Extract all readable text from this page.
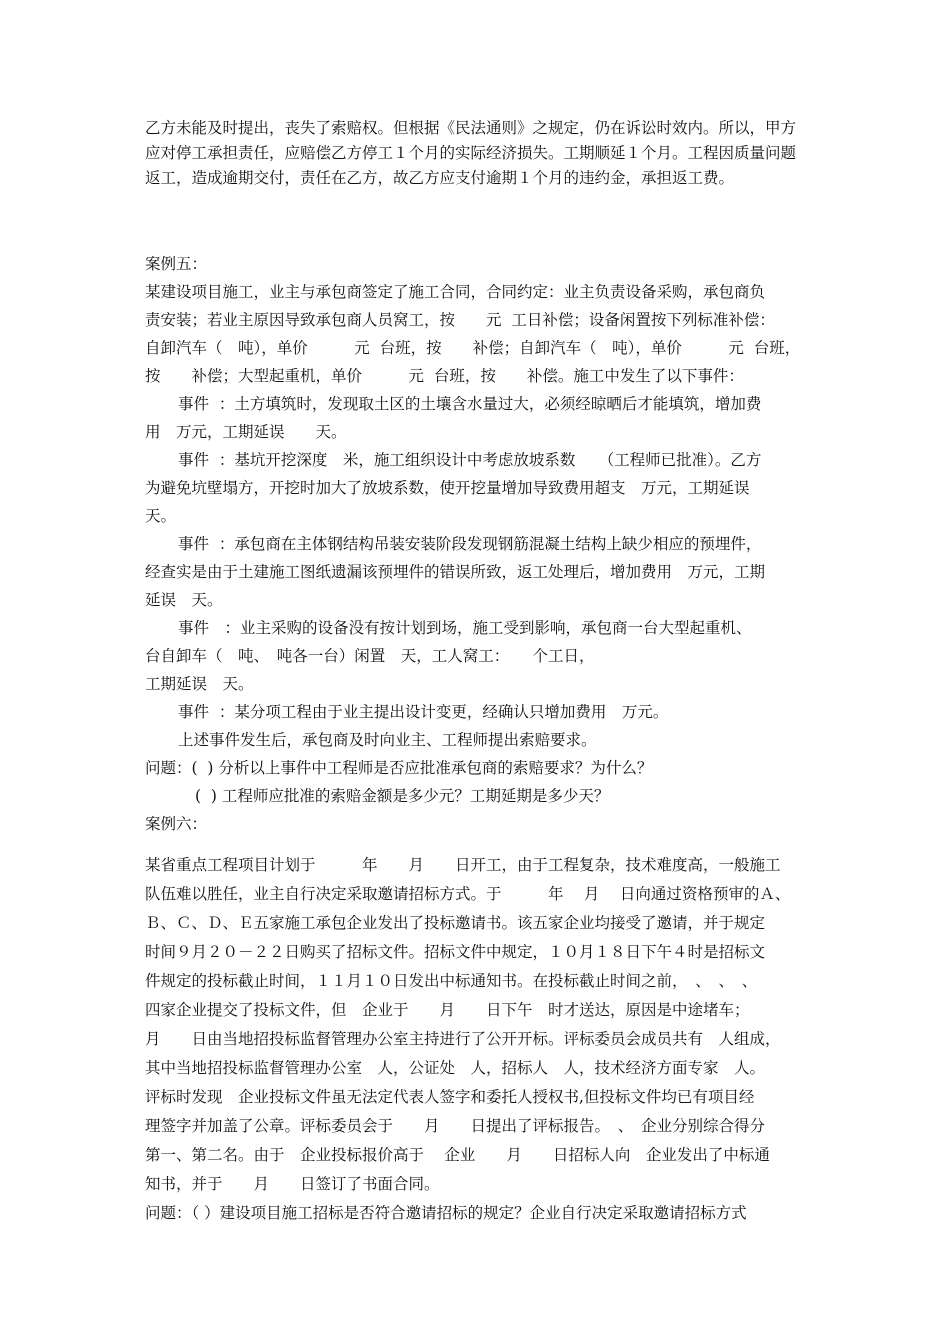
乙方未能及时提出，丧失了索赔权。但根据《民法通则》之规定，仍在诉讼时效内。所以，甲方应对停工承担责任，应赔偿乙方停工１个月的实际经济损失。工期顺延１个月。工程因质量问题返工，造成逾期交付，责任在乙方，故乙方应支付逾期１个月的违约金，承担返工费。
案例五：
某建设项目施工，业主与承包商签定了施工合同，合同约定：业主负责设备采购，承包商负
责安装；若业主原因导致承包商人员窝工，按　　元  工日补偿；设备闲置按下列标准补偿：
自卸汽车（　吨），单价　　　元  台班，按　　补偿；自卸汽车（　吨），单价　　　元  台班，
按　　补偿；大型起重机，单价　　　元  台班，按　　补偿。施工中发生了以下事件：
事件  ：土方填筑时，发现取土区的土壤含水量过大，必须经晾晒后才能填筑，增加费
用　万元，工期延误　　天。
事件  ：基坑开挖深度　米，施工组织设计中考虑放坡系数　　（工程师已批准）。乙方
为避免坑壁塌方，开挖时加大了放坡系数，使开挖量增加导致费用超支　万元，工期延误
天。
事件  ：承包商在主体钢结构吊装安装阶段发现钢筋混凝土结构上缺少相应的预埋件，
经查实是由于土建施工图纸遗漏该预埋件的错误所致，返工处理后，增加费用　万元，工期
延误　天。
事件　：业主采购的设备没有按计划到场，施工受到影响，承包商一台大型起重机、
台自卸车（　吨、　吨各一台）闲置　天，工人窝工：　　个工日，
工期延误　天。
事件  ：某分项工程由于业主提出设计变更，经确认只增加费用　万元。
上述事件发生后，承包商及时向业主、工程师提出索赔要求。
问题：(  ) 分析以上事件中工程师是否应批准承包商的索赔要求？为什么？
(  ) 工程师应批准的索赔金额是多少元？工期延期是多少天？
案例六：
某省重点工程项目计划于　　　年　　月　　日开工，由于工程复杂，技术难度高，一般施工
队伍难以胜任，业主自行决定采取邀请招标方式。于　　　年　 月　 日向通过资格预审的Ａ、
Ｂ、Ｃ、Ｄ、Ｅ五家施工承包企业发出了投标邀请书。该五家企业均接受了邀请，并于规定
时间９月２０－２２日购买了招标文件。招标文件中规定，１０月１８日下午４时是招标文
件规定的投标截止时间，１１月１０日发出中标通知书。在投标截止时间之前，　、　、　、
四家企业提交了投标文件，但　企业于　　月　　日下午　时才送达，原因是中途堵车；
月　　日由当地招投标监督管理办公室主持进行了公开开标。评标委员会成员共有　人组成，
其中当地招投标监督管理办公室　人，公证处　人，招标人　人，技术经济方面专家　人。
评标时发现　企业投标文件虽无法定代表人签字和委托人授权书,但投标文件均已有项目经
理签字并加盖了公章。评标委员会于　　月　　日提出了评标报告。　、　企业分别综合得分
第一、第二名。由于　企业投标报价高于　 企业　　月　　日招标人向　企业发出了中标通
知书，并于　　月　　日签订了书面合同。
问题：（ ）建设项目施工招标是否符合邀请招标的规定？企业自行决定采取邀请招标方式
